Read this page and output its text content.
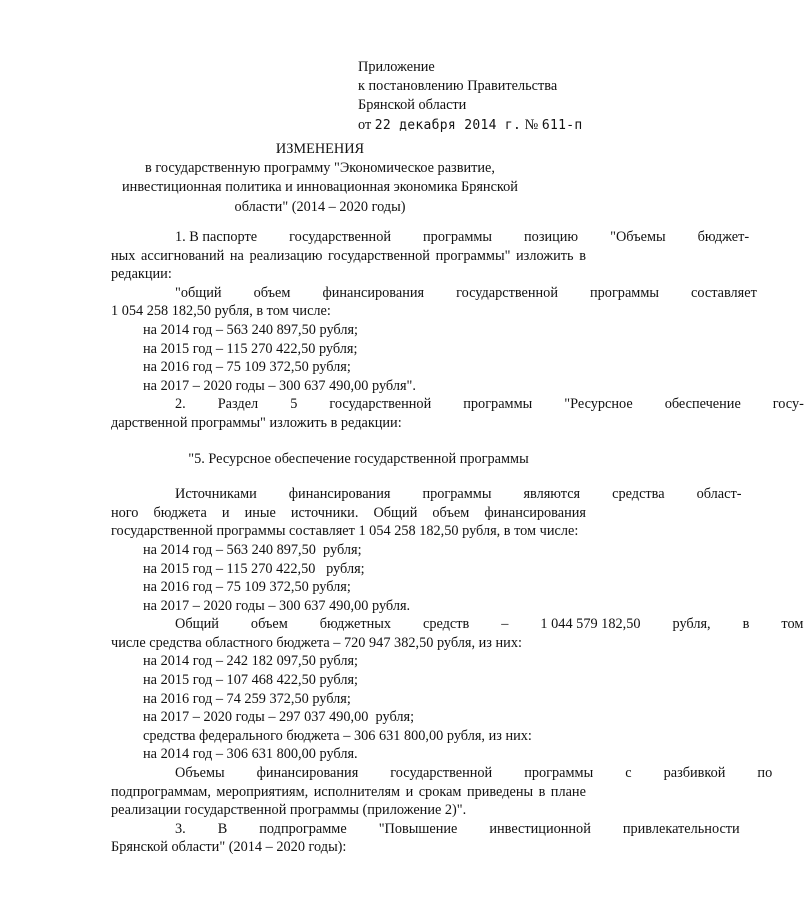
Приложение
к постановлению Правительства
Брянской области
от 22 декабря 2014 г. № 611-п
ИЗМЕНЕНИЯ
в государственную программу "Экономическое развитие,
инвестиционная политика и инновационная экономика Брянской
области" (2014 – 2020 годы)
1. В паспорте	государственной	программы	позицию	"Объемы	бюджет-
ных ассигнований на реализацию государственной программы" изложить в
редакции:
"общий	объем	финансирования	государственной	программы	составляет
1 054 258 182,50 рубля, в том числе:
на 2014 год – 563 240 897,50 рубля;
на 2015 год – 115 270 422,50 рубля;
на 2016 год – 75 109 372,50 рубля;
на 2017 – 2020 годы – 300 637 490,00 рубля".
2.	Раздел	5	государственной	программы	"Ресурсное	обеспечение	госу-
дарственной программы" изложить в редакции:
"5. Ресурсное обеспечение государственной программы
Источниками	финансирования	программы	являются	средства	област-
ного бюджета и иные источники. Общий объем финансирования
государственной программы составляет 1 054 258 182,50 рубля, в том числе:
на 2014 год – 563 240 897,50  рубля;
на 2015 год – 115 270 422,50   рубля;
на 2016 год – 75 109 372,50 рубля;
на 2017 – 2020 годы – 300 637 490,00 рубля.
Общий	объем	бюджетных	средств	–	1 044 579 182,50	рубля,	в	том
числе средства областного бюджета – 720 947 382,50 рубля, из них:
на 2014 год – 242 182 097,50 рубля;
на 2015 год – 107 468 422,50 рубля;
на 2016 год – 74 259 372,50 рубля;
на 2017 – 2020 годы – 297 037 490,00  рубля;
средства федерального бюджета – 306 631 800,00 рубля, из них:
на 2014 год – 306 631 800,00 рубля.
Объемы	финансирования	государственной	программы	с	разбивкой	по
подпрограммам, мероприятиям, исполнителям и срокам приведены в плане
реализации государственной программы (приложение 2)".
3.	В	подпрограмме	"Повышение	инвестиционной	привлекательности
Брянской области" (2014 – 2020 годы):
